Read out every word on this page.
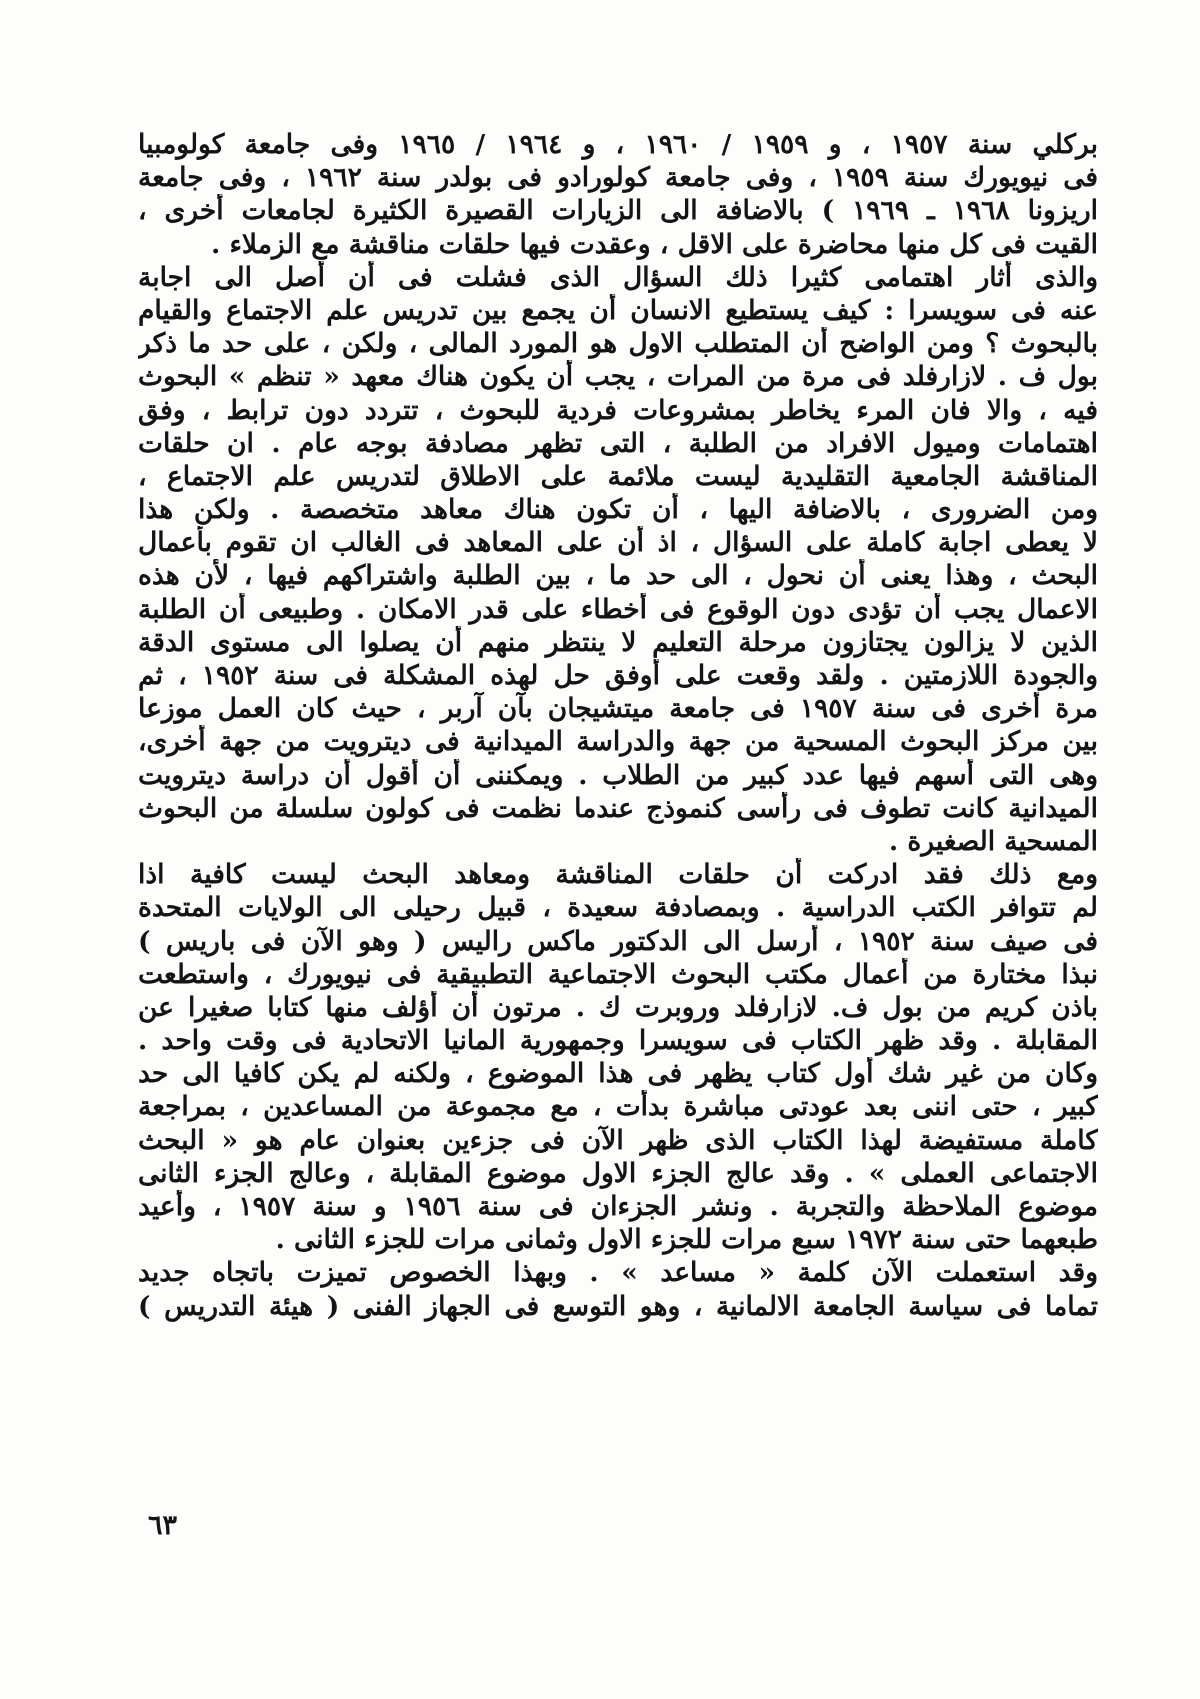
بركلي سنة ١٩٥٧ ، و ١٩٥٩ / ١٩٦٠ ، و ١٩٦٤ / ١٩٦٥ وفى جامعة كولومبيا
فى نيويورك سنة ١٩٥٩ ، وفى جامعة كولورادو فى بولدر سنة ١٩٦٢ ، وفى جامعة
اريزونا ١٩٦٨ ـ ١٩٦٩ ) بالاضافة الى الزيارات القصيرة الكثيرة لجامعات أخرى ،
القيت فى كل منها محاضرة على الاقل ، وعقدت فيها حلقات مناقشة مع الزملاء .
والذى أثار اهتمامى كثيرا ذلك السؤال الذى فشلت فى أن أصل الى اجابة
عنه فى سويسرا : كيف يستطيع الانسان أن يجمع بين تدريس علم الاجتماع والقيام
بالبحوث ؟ ومن الواضح أن المتطلب الاول هو المورد المالى ، ولكن ، على حد ما ذكر
بول ف . لازارفلد فى مرة من المرات ، يجب أن يكون هناك معهد « تنظم » البحوث
فيه ، والا فان المرء يخاطر بمشروعات فردية للبحوث ، تتردد دون ترابط ، وفق
اهتمامات وميول الافراد من الطلبة ، التى تظهر مصادفة بوجه عام . ان حلقات
المناقشة الجامعية التقليدية ليست ملائمة على الاطلاق لتدريس علم الاجتماع ،
ومن الضرورى ، بالاضافة اليها ، أن تكون هناك معاهد متخصصة . ولكن هذا
لا يعطى اجابة كاملة على السؤال ، اذ أن على المعاهد فى الغالب ان تقوم بأعمال
البحث ، وهذا يعنى أن نحول ، الى حد ما ، بين الطلبة واشتراكهم فيها ، لأن هذه
الاعمال يجب أن تؤدى دون الوقوع فى أخطاء على قدر الامكان . وطبيعى أن الطلبة
الذين لا يزالون يجتازون مرحلة التعليم لا ينتظر منهم أن يصلوا الى مستوى الدقة
والجودة اللازمتين . ولقد وقعت على أوفق حل لهذه المشكلة فى سنة ١٩٥٢ ، ثم
مرة أخرى فى سنة ١٩٥٧ فى جامعة ميتشيجان بآن آربر ، حيث كان العمل موزعا
بين مركز البحوث المسحية من جهة والدراسة الميدانية فى ديترويت من جهة أخرى،
وهى التى أسهم فيها عدد كبير من الطلاب . ويمكننى أن أقول أن دراسة ديترويت
الميدانية كانت تطوف فى رأسى كنموذج عندما نظمت فى كولون سلسلة من البحوث
المسحية الصغيرة .
ومع ذلك فقد ادركت أن حلقات المناقشة ومعاهد البحث ليست كافية اذا
لم تتوافر الكتب الدراسية . وبمصادفة سعيدة ، قبيل رحيلى الى الولايات المتحدة
فى صيف سنة ١٩٥٢ ، أرسل الى الدكتور ماكس راليس ( وهو الآن فى باريس )
نبذا مختارة من أعمال مكتب البحوث الاجتماعية التطبيقية فى نيويورك ، واستطعت
باذن كريم من بول ف. لازارفلد وروبرت ك . مرتون أن أؤلف منها كتابا صغيرا عن
المقابلة . وقد ظهر الكتاب فى سويسرا وجمهورية المانيا الاتحادية فى وقت واحد .
وكان من غير شك أول كتاب يظهر فى هذا الموضوع ، ولكنه لم يكن كافيا الى حد
كبير ، حتى اننى بعد عودتى مباشرة بدأت ، مع مجموعة من المساعدين ، بمراجعة
كاملة مستفيضة لهذا الكتاب الذى ظهر الآن فى جزءين بعنوان عام هو « البحث
الاجتماعى العملى » . وقد عالج الجزء الاول موضوع المقابلة ، وعالج الجزء الثانى
موضوع الملاحظة والتجربة . ونشر الجزءان فى سنة ١٩٥٦ و سنة ١٩٥٧ ، وأعيد
طبعهما حتى سنة ١٩٧٢ سبع مرات للجزء الاول وثمانى مرات للجزء الثانى .
وقد استعملت الآن كلمة « مساعد » . وبهذا الخصوص تميزت باتجاه جديد
تماما فى سياسة الجامعة الالمانية ، وهو التوسع فى الجهاز الفنى ( هيئة التدريس )
٦٣
